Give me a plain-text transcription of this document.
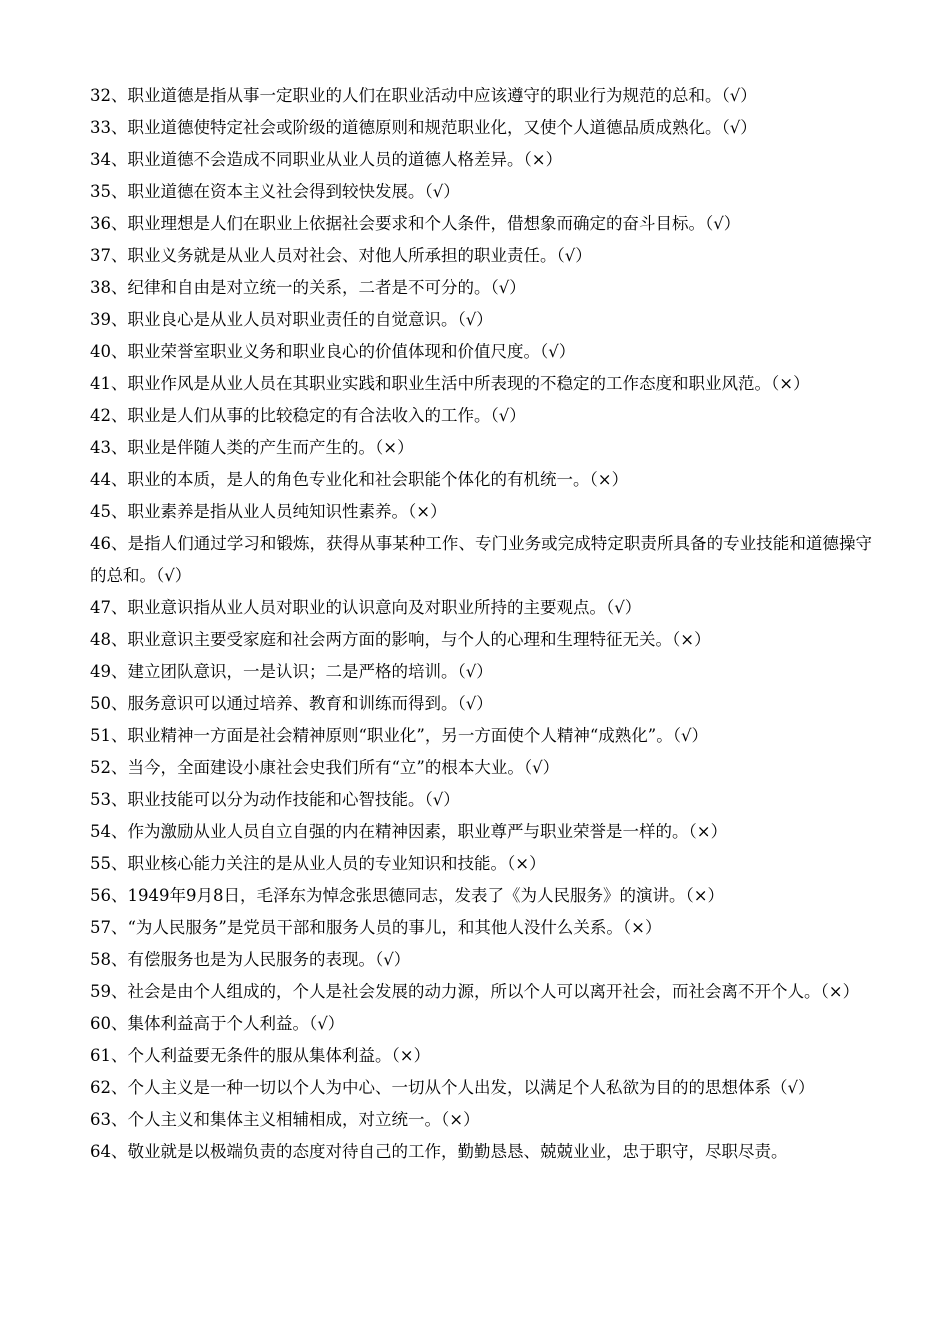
32、职业道德是指从事一定职业的人们在职业活动中应该遵守的职业行为规范的总和。（√）

33、职业道德使特定社会或阶级的道德原则和规范职业化，又使个人道德品质成熟化。（√）

34、职业道德不会造成不同职业从业人员的道德人格差异。（×）

35、职业道德在资本主义社会得到较快发展。（√）

36、职业理想是人们在职业上依据社会要求和个人条件，借想象而确定的奋斗目标。（√）

37、职业义务就是从业人员对社会、对他人所承担的职业责任。（√）

38、纪律和自由是对立统一的关系，二者是不可分的。（√）

39、职业良心是从业人员对职业责任的自觉意识。（√）

40、职业荣誉室职业义务和职业良心的价值体现和价值尺度。（√）

41、职业作风是从业人员在其职业实践和职业生活中所表现的不稳定的工作态度和职业风范。（×）

42、职业是人们从事的比较稳定的有合法收入的工作。（√）

43、职业是伴随人类的产生而产生的。（×）

44、职业的本质，是人的角色专业化和社会职能个体化的有机统一。（×）

45、职业素养是指从业人员纯知识性素养。（×）

46、是指人们通过学习和锻炼，获得从事某种工作、专门业务或完成特定职责所具备的专业技能和道德操守的总和。（√）

47、职业意识指从业人员对职业的认识意向及对职业所持的主要观点。（√）

48、职业意识主要受家庭和社会两方面的影响，与个人的心理和生理特征无关。（×）

49、建立团队意识，一是认识；二是严格的培训。（√）

50、服务意识可以通过培养、教育和训练而得到。（√）

51、职业精神一方面是社会精神原则“职业化”，另一方面使个人精神“成熟化”。（√）

52、当今，全面建设小康社会史我们所有“立”的根本大业。（√）

53、职业技能可以分为动作技能和心智技能。（√）

54、作为激励从业人员自立自强的内在精神因素，职业尊严与职业荣誉是一样的。（×）

55、职业核心能力关注的是从业人员的专业知识和技能。（×）

56、1949年9月8日，毛泽东为悼念张思德同志，发表了《为人民服务》的演讲。（×）

57、“为人民服务”是党员干部和服务人员的事儿，和其他人没什么关系。（×）

58、有偿服务也是为人民服务的表现。（√）

59、社会是由个人组成的，个人是社会发展的动力源，所以个人可以离开社会，而社会离不开个人。（×）

60、集体利益高于个人利益。（√）

61、个人利益要无条件的服从集体利益。（×）

62、个人主义是一种一切以个人为中心、一切从个人出发，以满足个人私欲为目的的思想体系（√）

63、个人主义和集体主义相辅相成，对立统一。（×）

64、敬业就是以极端负责的态度对待自己的工作，勤勤恳恳、兢兢业业，忠于职守，尽职尽责。
